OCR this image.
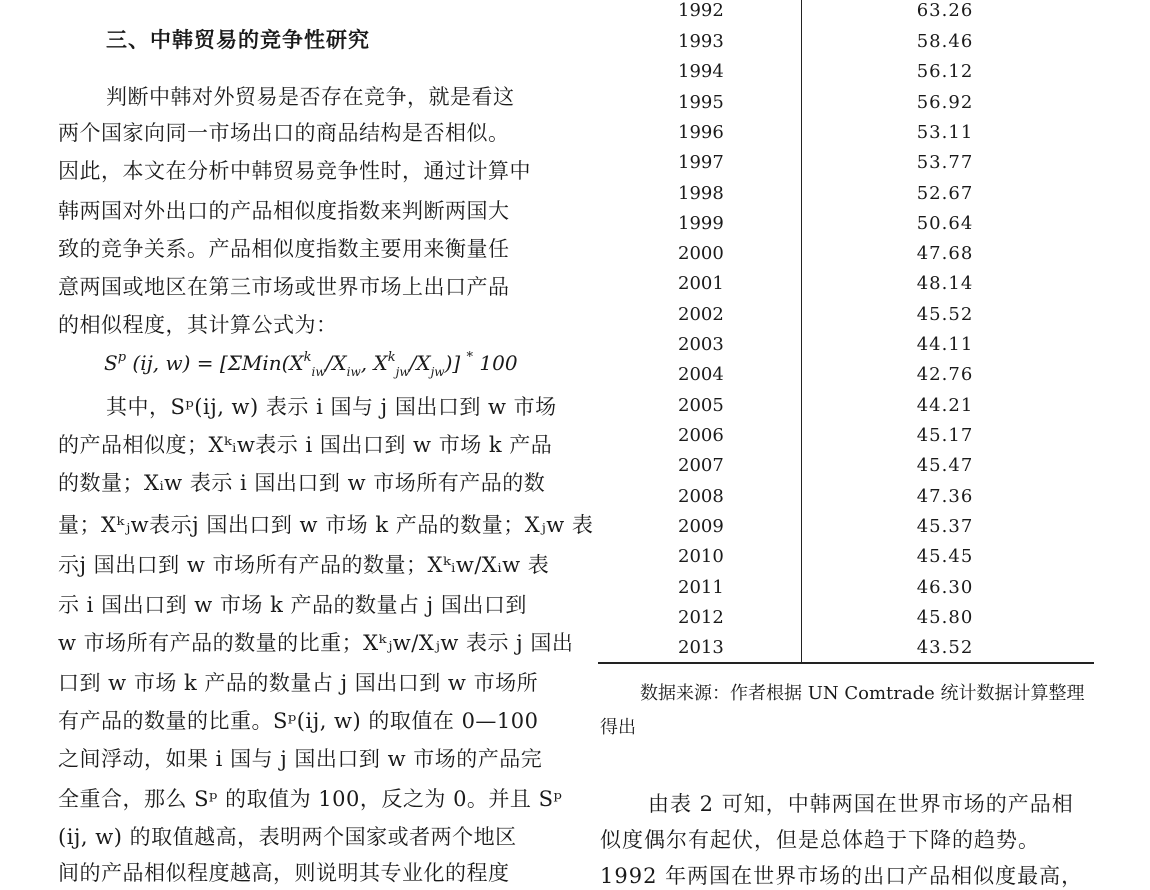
三、中韩贸易的竞争性研究
判断中韩对外贸易是否存在竞争，就是看这
两个国家向同一市场出口的商品结构是否相似。
因此，本文在分析中韩贸易竞争性时，通过计算中
韩两国对外出口的产品相似度指数来判断两国大
致的竞争关系。产品相似度指数主要用来衡量任
意两国或地区在第三市场或世界市场上出口产品
的相似程度，其计算公式为：
$S^p$ (ij, $w) = [\Sigma Min(X^k_{iw}/X_{iw}$, $X^k_{jw}/X_{jw}$)] * 100
其中，Sᵖ(ij, w) 表示 i 国与 j 国出口到 w 市场
的产品相似度；Xᵏᵢw表示 i 国出口到 w 市场 k 产品
的数量；Xᵢw 表示 i 国出口到 w 市场所有产品的数
量；Xᵏⱼw表示j 国出口到 w 市场 k 产品的数量；Xⱼw 表
示j 国出口到 w 市场所有产品的数量；Xᵏᵢw/Xᵢw 表
示 i 国出口到 w 市场 k 产品的数量占 j 国出口到
w 市场所有产品的数量的比重；Xᵏⱼw/Xⱼw 表示 j 国出
口到 w 市场 k 产品的数量占 j 国出口到 w 市场所
有产品的数量的比重。Sᵖ(ij, w) 的取值在 0—100
之间浮动，如果 i 国与 j 国出口到 w 市场的产品完
全重合，那么 Sᵖ 的取值为 100，反之为 0。并且 Sᵖ
(ij, w) 的取值越高，表明两个国家或者两个地区
间的产品相似程度越高，则说明其专业化的程度
1992	63.26
1993	58.46
1994	56.12
1995	56.92
1996	53.11
1997	53.77
1998	52.67
1999	50.64
2000	47.68
2001	48.14
2002	45.52
2003	44.11
2004	42.76
2005	44.21
2006	45.17
2007	45.47
2008	47.36
2009	45.37
2010	45.45
2011	46.30
2012	45.80
2013	43.52
数据来源：作者根据 UN Comtrade 统计数据计算整理
得出
由表 2 可知，中韩两国在世界市场的产品相
似度偶尔有起伏，但是总体趋于下降的趋势。
1992 年两国在世界市场的出口产品相似度最高，
